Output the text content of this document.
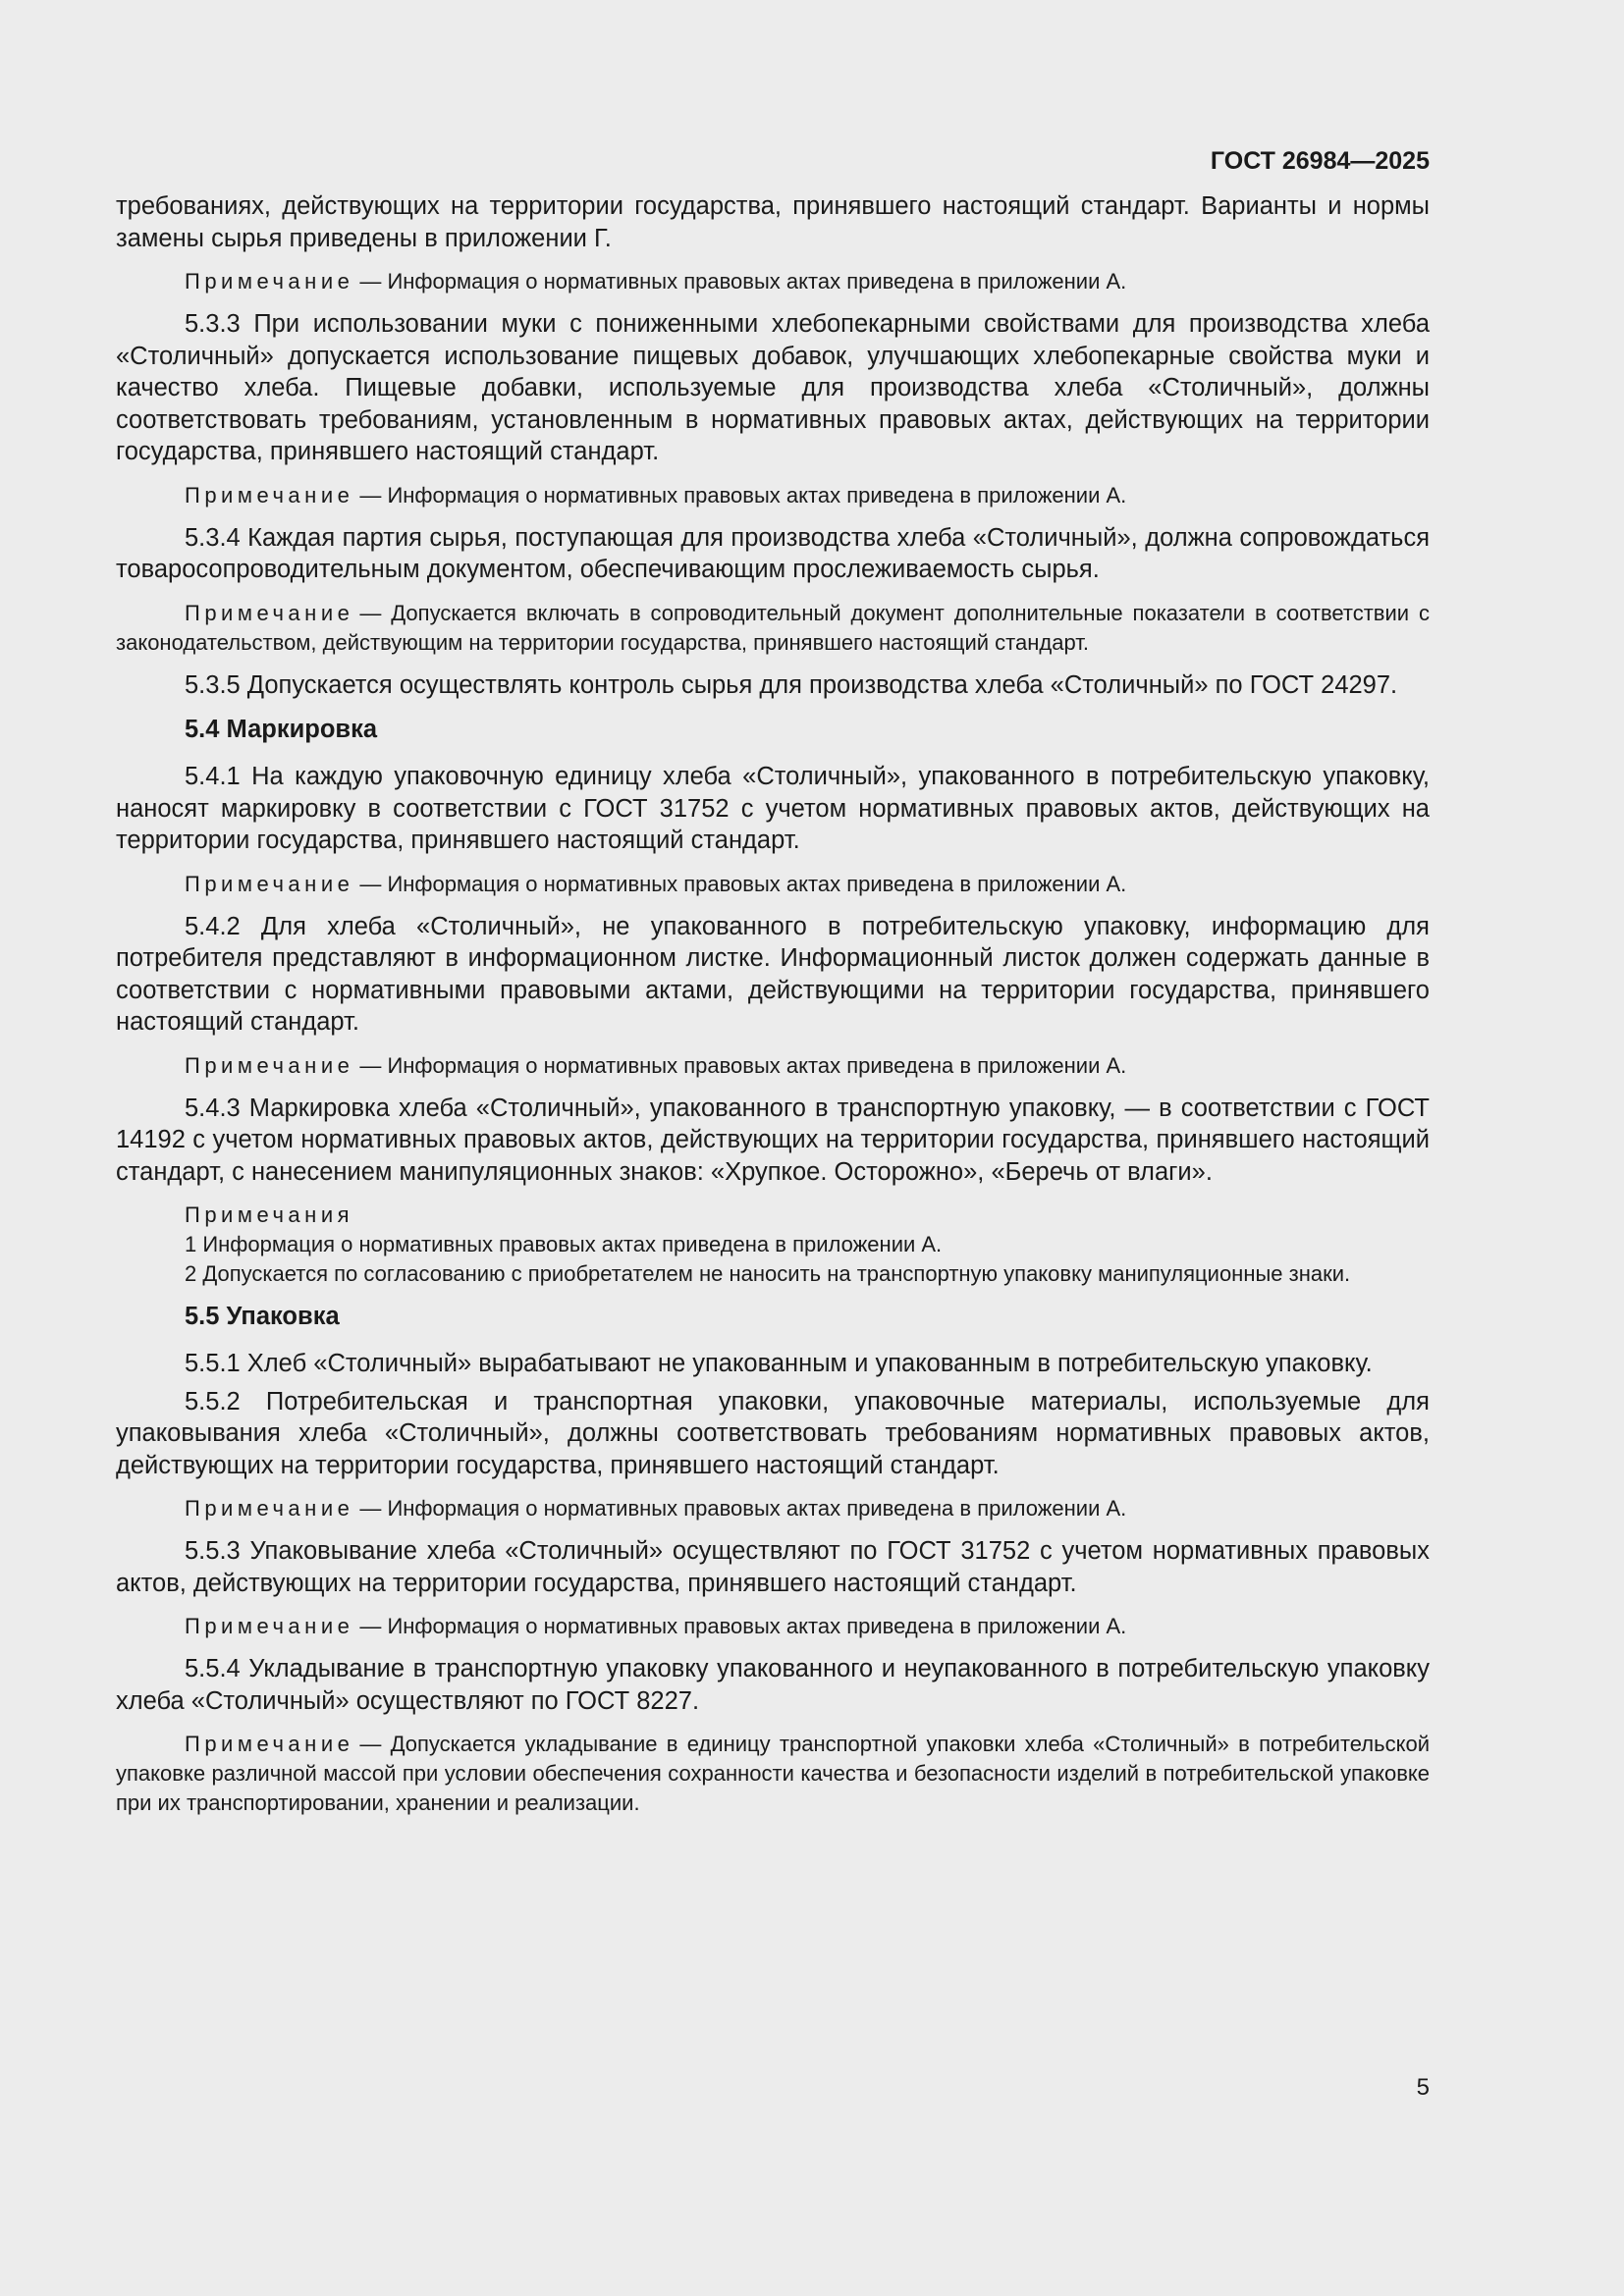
ГОСТ 26984—2025

требованиях, действующих на территории государства, принявшего настоящий стандарт. Варианты и нормы замены сырья приведены в приложении Г.

Примечание — Информация о нормативных правовых актах приведена в приложении А.

5.3.3 При использовании муки с пониженными хлебопекарными свойствами для производства хлеба «Столичный» допускается использование пищевых добавок, улучшающих хлебопекарные свойства муки и качество хлеба. Пищевые добавки, используемые для производства хлеба «Столичный», должны соответствовать требованиям, установленным в нормативных правовых актах, действующих на территории государства, принявшего настоящий стандарт.

Примечание — Информация о нормативных правовых актах приведена в приложении А.

5.3.4 Каждая партия сырья, поступающая для производства хлеба «Столичный», должна сопровождаться товаросопроводительным документом, обеспечивающим прослеживаемость сырья.

Примечание — Допускается включать в сопроводительный документ дополнительные показатели в соответствии с законодательством, действующим на территории государства, принявшего настоящий стандарт.

5.3.5 Допускается осуществлять контроль сырья для производства хлеба «Столичный» по ГОСТ 24297.

5.4 Маркировка

5.4.1 На каждую упаковочную единицу хлеба «Столичный», упакованного в потребительскую упаковку, наносят маркировку в соответствии с ГОСТ 31752 с учетом нормативных правовых актов, действующих на территории государства, принявшего настоящий стандарт.

Примечание — Информация о нормативных правовых актах приведена в приложении А.

5.4.2 Для хлеба «Столичный», не упакованного в потребительскую упаковку, информацию для потребителя представляют в информационном листке. Информационный листок должен содержать данные в соответствии с нормативными правовыми актами, действующими на территории государства, принявшего настоящий стандарт.

Примечание — Информация о нормативных правовых актах приведена в приложении А.

5.4.3 Маркировка хлеба «Столичный», упакованного в транспортную упаковку, — в соответствии с ГОСТ 14192 с учетом нормативных правовых актов, действующих на территории государства, принявшего настоящий стандарт, с нанесением манипуляционных знаков: «Хрупкое. Осторожно», «Беречь от влаги».

Примечания

1 Информация о нормативных правовых актах приведена в приложении А.

2 Допускается по согласованию с приобретателем не наносить на транспортную упаковку манипуляционные знаки.

5.5 Упаковка

5.5.1 Хлеб «Столичный» вырабатывают не упакованным и упакованным в потребительскую упаковку.

5.5.2 Потребительская и транспортная упаковки, упаковочные материалы, используемые для упаковывания хлеба «Столичный», должны соответствовать требованиям нормативных правовых актов, действующих на территории государства, принявшего настоящий стандарт.

Примечание — Информация о нормативных правовых актах приведена в приложении А.

5.5.3 Упаковывание хлеба «Столичный» осуществляют по ГОСТ 31752 с учетом нормативных правовых актов, действующих на территории государства, принявшего настоящий стандарт.

Примечание — Информация о нормативных правовых актах приведена в приложении А.

5.5.4 Укладывание в транспортную упаковку упакованного и неупакованного в потребительскую упаковку хлеба «Столичный» осуществляют по ГОСТ 8227.

Примечание — Допускается укладывание в единицу транспортной упаковки хлеба «Столичный» в потребительской упаковке различной массой при условии обеспечения сохранности качества и безопасности изделий в потребительской упаковке при их транспортировании, хранении и реализации.

5
